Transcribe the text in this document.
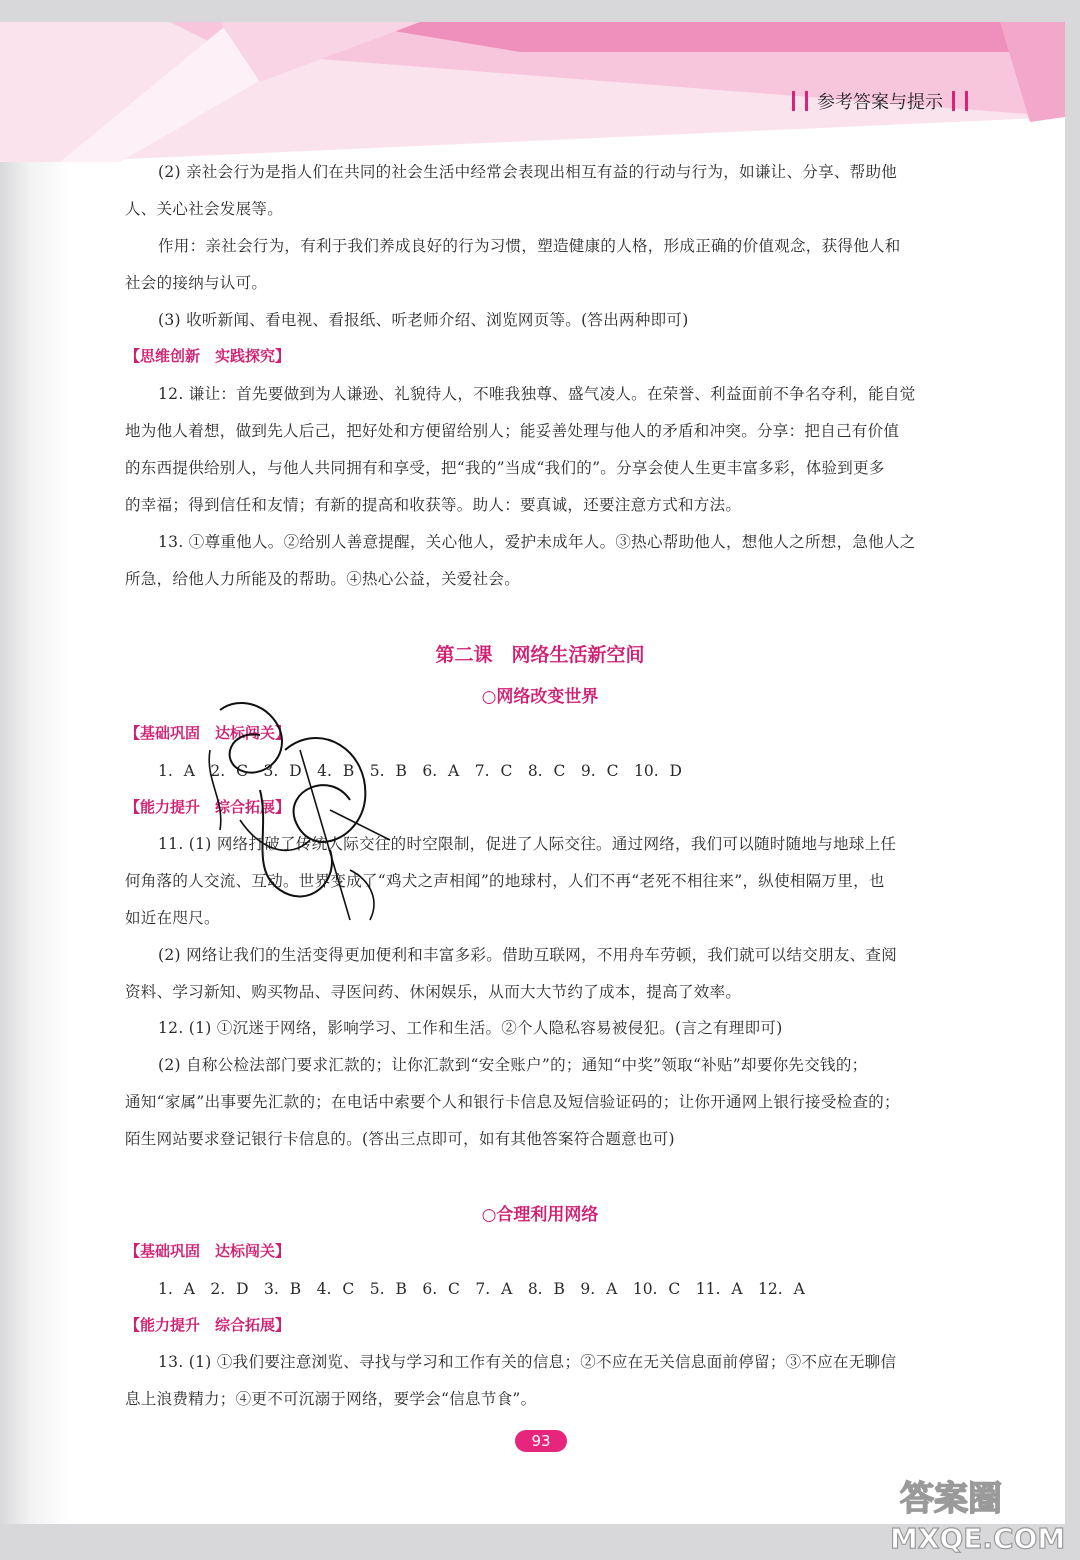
参考答案与提示
(2) 亲社会行为是指人们在共同的社会生活中经常会表现出相互有益的行动与行为，如谦让、分享、帮助他
人、关心社会发展等。
作用：亲社会行为，有利于我们养成良好的行为习惯，塑造健康的人格，形成正确的价值观念，获得他人和
社会的接纳与认可。
(3) 收听新闻、看电视、看报纸、听老师介绍、浏览网页等。(答出两种即可)
【思维创新　实践探究】
12. 谦让：首先要做到为人谦逊、礼貌待人，不唯我独尊、盛气凌人。在荣誉、利益面前不争名夺利，能自觉
地为他人着想，做到先人后己，把好处和方便留给别人；能妥善处理与他人的矛盾和冲突。分享：把自己有价值
的东西提供给别人，与他人共同拥有和享受，把“我的”当成“我们的”。分享会使人生更丰富多彩，体验到更多
的幸福；得到信任和友情；有新的提高和收获等。助人：要真诚，还要注意方式和方法。
13. ①尊重他人。②给别人善意提醒，关心他人，爱护未成年人。③热心帮助他人，想他人之所想，急他人之
所急，给他人力所能及的帮助。④热心公益，关爱社会。
第二课　网络生活新空间
○网络改变世界
【基础巩固　达标闯关】
1. A　2. C　3. D　4. B　5. B　6. A　7. C　8. C　9. C　10. D
【能力提升　综合拓展】
11. (1) 网络打破了传统人际交往的时空限制，促进了人际交往。通过网络，我们可以随时随地与地球上任
何角落的人交流、互动。世界变成了“鸡犬之声相闻”的地球村，人们不再“老死不相往来”，纵使相隔万里，也
如近在咫尺。
(2) 网络让我们的生活变得更加便利和丰富多彩。借助互联网，不用舟车劳顿，我们就可以结交朋友、查阅
资料、学习新知、购买物品、寻医问药、休闲娱乐，从而大大节约了成本，提高了效率。
12. (1) ①沉迷于网络，影响学习、工作和生活。②个人隐私容易被侵犯。(言之有理即可)
(2) 自称公检法部门要求汇款的；让你汇款到“安全账户”的；通知“中奖”领取“补贴”却要你先交钱的；
通知“家属”出事要先汇款的；在电话中索要个人和银行卡信息及短信验证码的；让你开通网上银行接受检查的；
陌生网站要求登记银行卡信息的。(答出三点即可，如有其他答案符合题意也可)
○合理利用网络
【基础巩固　达标闯关】
1. A　2. D　3. B　4. C　5. B　6. C　7. A　8. B　9. A　10. C　11. A　12. A
【能力提升　综合拓展】
13. (1) ①我们要注意浏览、寻找与学习和工作有关的信息；②不应在无关信息面前停留；③不应在无聊信
息上浪费精力；④更不可沉溺于网络，要学会“信息节食”。
93
答案圈
MXQE.COM
